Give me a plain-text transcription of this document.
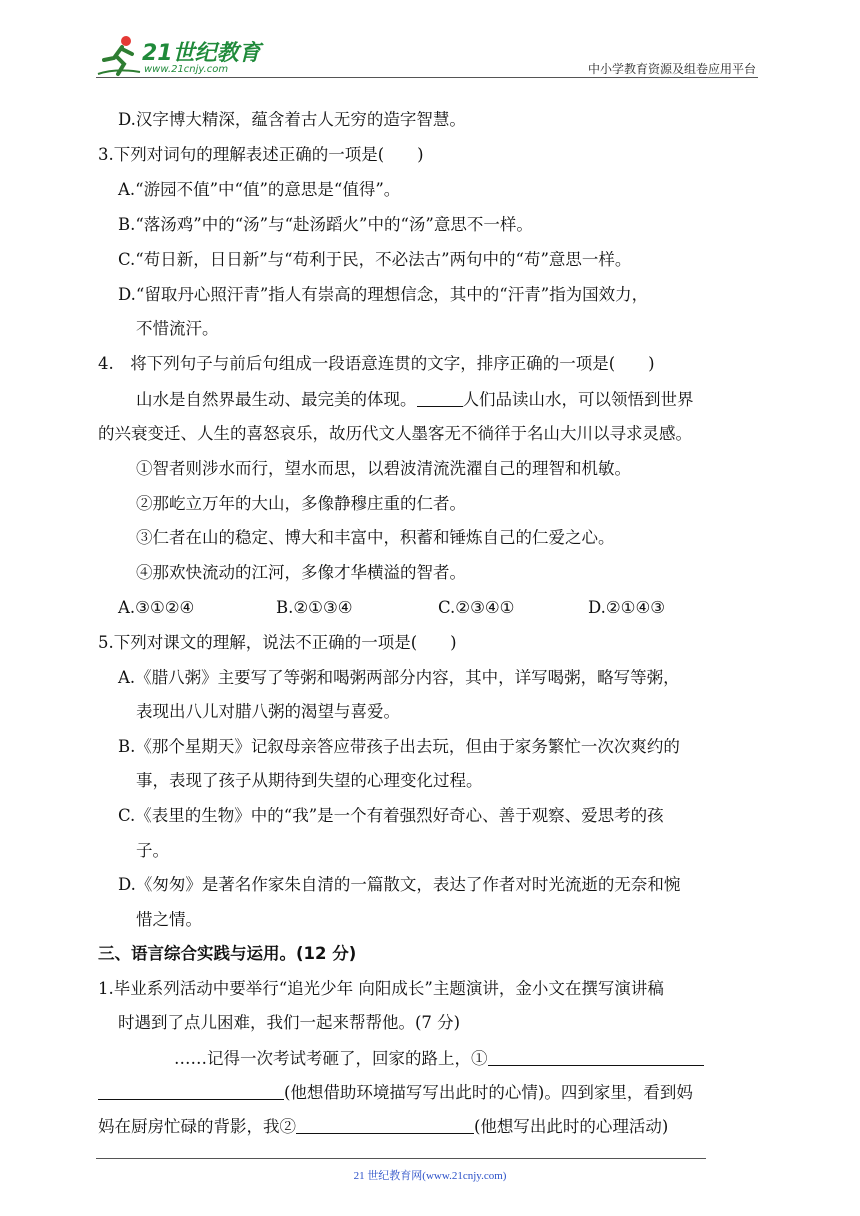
21世纪教育
www.21cnjy.com	中小学教育资源及组卷应用平台
D.汉字博大精深，蕴含着古人无穷的造字智慧。
3.下列对词句的理解表述正确的一项是(　　)
A.“游园不值”中“值”的意思是“值得”。
B.“落汤鸡”中的“汤”与“赴汤蹈火”中的“汤”意思不一样。
C.“苟日新，日日新”与“苟利于民，不必法古”两句中的“苟”意思一样。
D.“留取丹心照汗青”指人有崇高的理想信念，其中的“汗青”指为国效力，
不惜流汗。
4.　将下列句子与前后句组成一段语意连贯的文字，排序正确的一项是(　　)
山水是自然界最生动、最完美的体现。	人们品读山水，可以领悟到世界
的兴衰变迁、人生的喜怒哀乐，故历代文人墨客无不徜徉于名山大川以寻求灵感。
①智者则涉水而行，望水而思，以碧波清流洗濯自己的理智和机敏。
②那屹立万年的大山，多像静穆庄重的仁者。
③仁者在山的稳定、博大和丰富中，积蓄和锤炼自己的仁爱之心。
④那欢快流动的江河，多像才华横溢的智者。
A.③①②④	B.②①③④	C.②③④①	D.②①④③
5.下列对课文的理解，说法不正确的一项是(　　)
A.《腊八粥》主要写了等粥和喝粥两部分内容，其中，详写喝粥，略写等粥，
表现出八儿对腊八粥的渴望与喜爱。
B.《那个星期天》记叙母亲答应带孩子出去玩，但由于家务繁忙一次次爽约的
事，表现了孩子从期待到失望的心理变化过程。
C.《表里的生物》中的“我”是一个有着强烈好奇心、善于观察、爱思考的孩
子。
D.《匆匆》是著名作家朱自清的一篇散文，表达了作者对时光流逝的无奈和惋
惜之情。
三、语言综合实践与运用。(12 分)
1.毕业系列活动中要举行“追光少年 向阳成长”主题演讲，金小文在撰写演讲稿
时遇到了点儿困难，我们一起来帮帮他。(7 分)
……记得一次考试考砸了，回家的路上，①
(他想借助环境描写写出此时的心情)。四到家里，看到妈
妈在厨房忙碌的背影，我②	(他想写出此时的心理活动)
21 世纪教育网(www.21cnjy.com)
